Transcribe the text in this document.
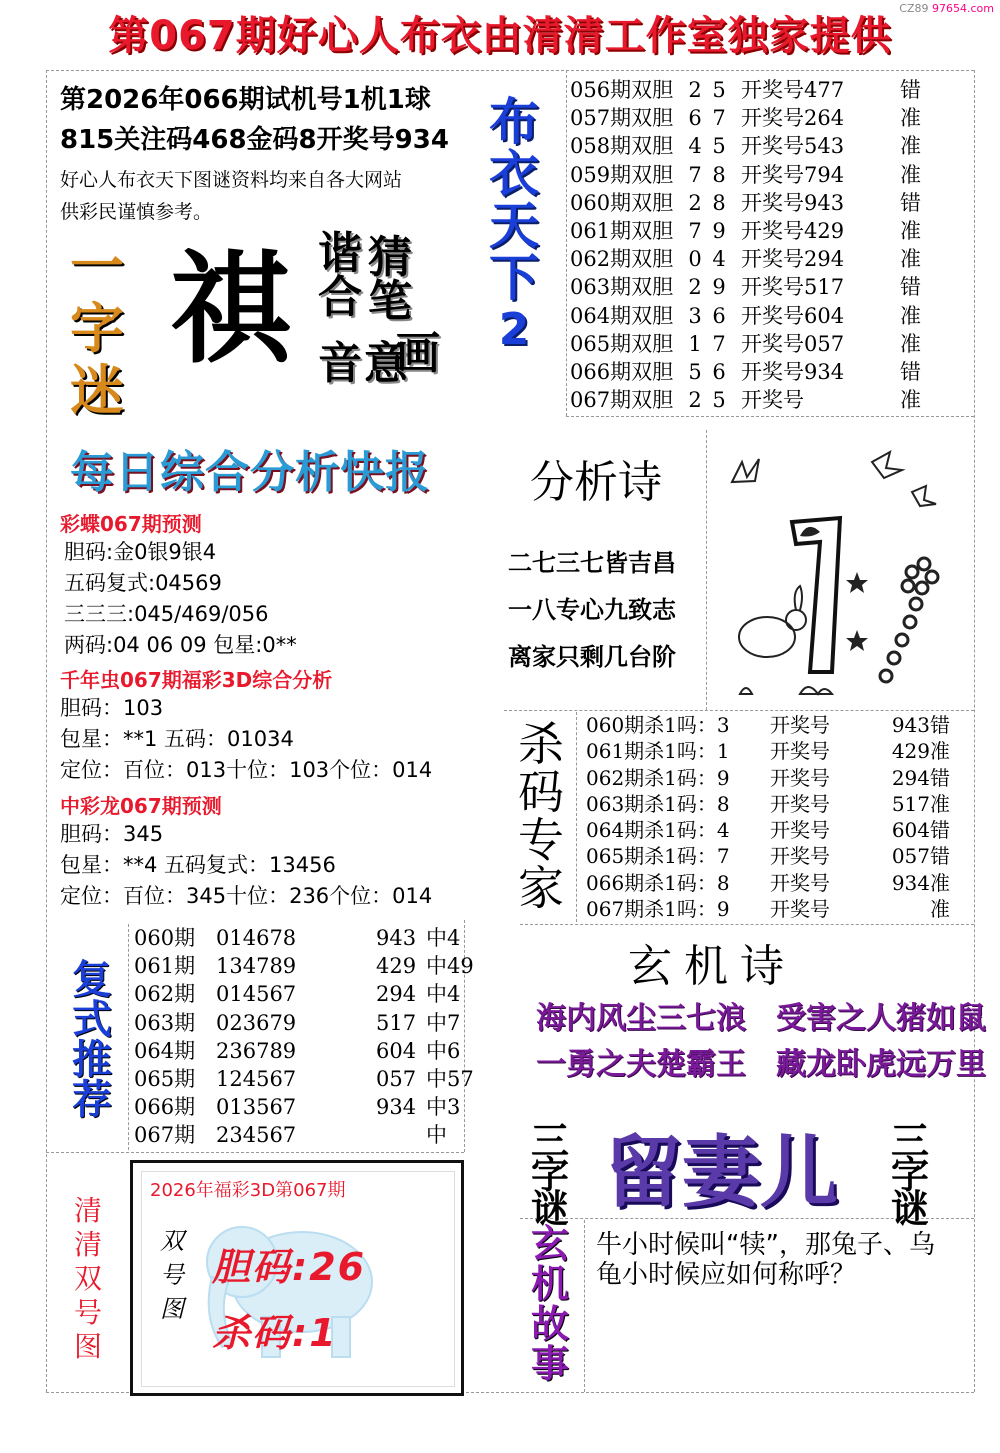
第067期好心人布衣由清清工作室独家提供
CZ89 97654.com
第2026年066期试机号1机1球
815关注码468金码8开奖号934
好心人布衣天下图谜资料均来自各大网站
供彩民谨慎参考。
布
衣
天
下
2
056期双胆 2 5 开奖号477	错
057期双胆 6 7 开奖号264	准
058期双胆 4 5 开奖号543	准
059期双胆 7 8 开奖号794	准
060期双胆 2 8 开奖号943	错
061期双胆 7 9 开奖号429	准
062期双胆 0 4 开奖号294	准
063期双胆 2 9 开奖号517	错
064期双胆 3 6 开奖号604	准
065期双胆 1 7 开奖号057	准
066期双胆 5 6 开奖号934	错
067期双胆 2 5 开奖号	准
一
字
迷
祺 谐
合
猜
笔
音 意
画
每日综合分析快报
彩蝶067期预测
胆码:金0银9银4
五码复式:04569
三三三:045/469/056
两码:04 06 09 包星:0**
千年虫067期福彩3D综合分析
胆码：103
包星：**1 五码：01034
定位：百位：013十位：103个位：014
中彩龙067期预测
胆码：345
包星：**4 五码复式：13456
定位：百位：345十位：236个位：014
分析诗
二七三七皆吉昌
一八专心九致志
离家只剩几台阶
杀
码
专
家
060期杀1吗：3 开奖号	943错
061期杀1吗：1 开奖号	429准
062期杀1码：9 开奖号	294错
063期杀1码：8 开奖号	517准
064期杀1码：4 开奖号	604错
065期杀1码：7 开奖号	057错
066期杀1码：8 开奖号	934准
067期杀1吗：9 开奖号	准
复
式
推
荐
060期 014678	943 中4
061期 134789	429 中49
062期 014567	294 中4
063期 023679	517 中7
064期 236789	604 中6
065期 124567	057 中57
066期 013567	934 中3
067期 234567	中
玄机诗
海内风尘三七浪　受害之人猪如鼠
一勇之夫楚霸王　藏龙卧虎远万里
三
字
谜 留妻儿 三
字
谜
玄
机
故
事
牛小时候叫“犊”，那兔子、乌龟小时候应如何称呼？
清
清
双
号
图
2026年福彩3D第067期
双
号
图
胆码:26
杀码:1
